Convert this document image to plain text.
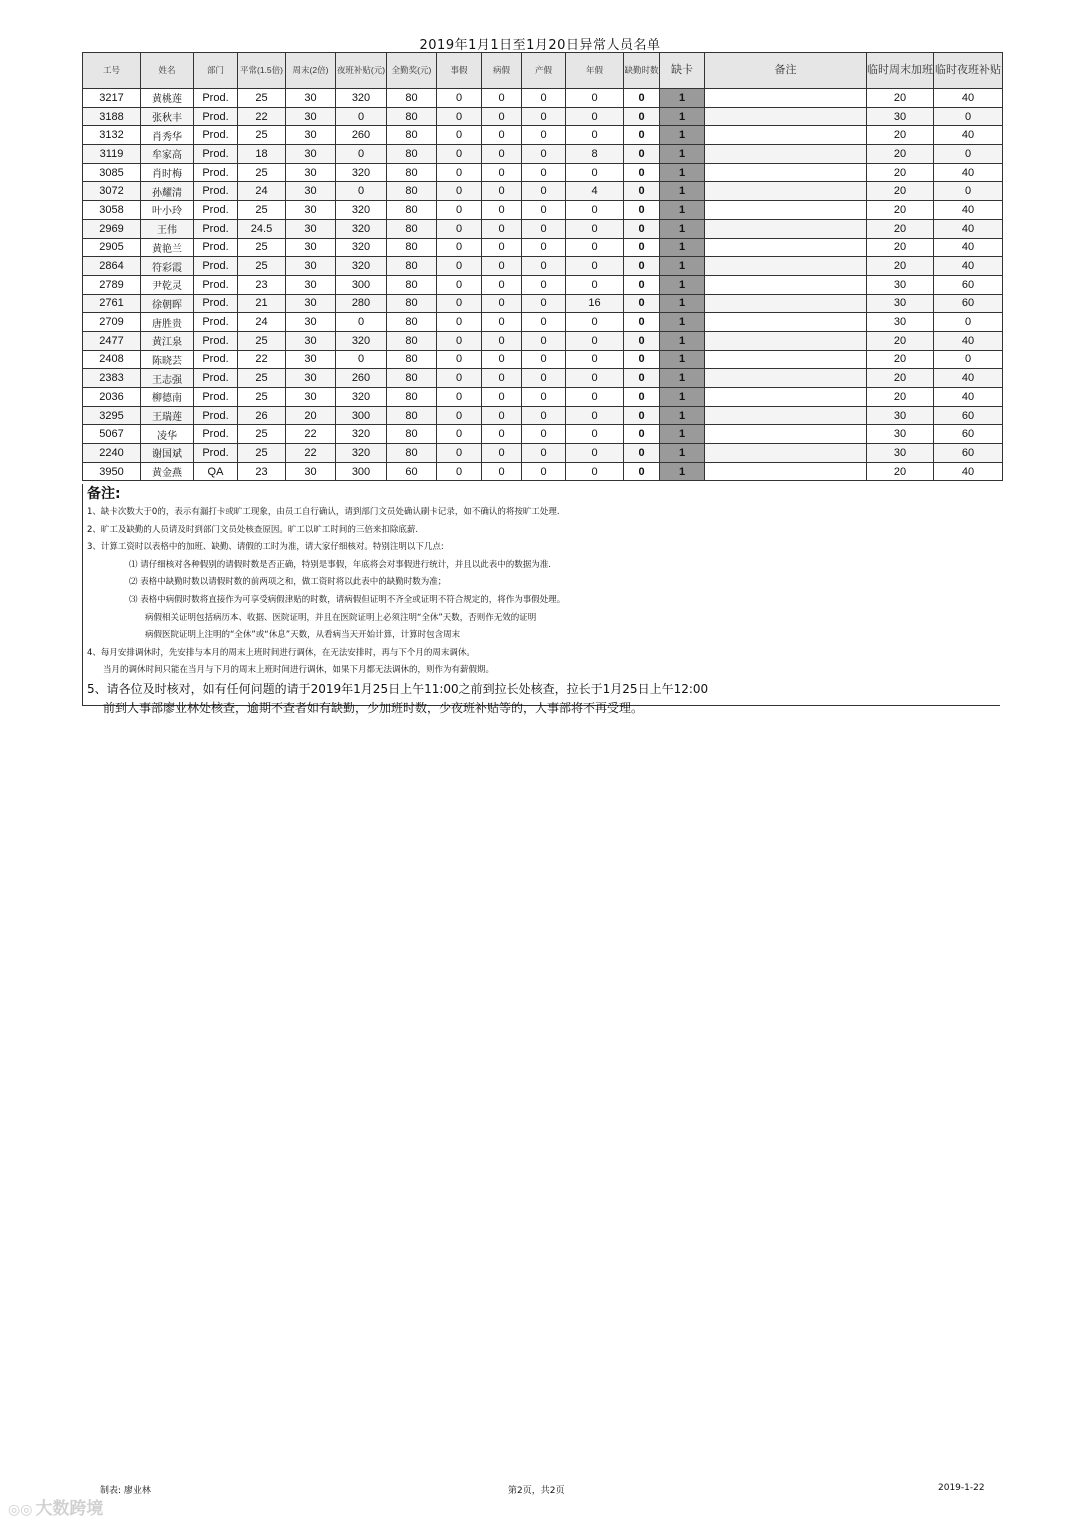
2019年1月1日至1月20日异常人员名单
工号	姓名	部门	平常(1.5倍)	周末(2倍)	夜班补贴(元)	全勤奖(元)	事假	病假	产假	年假	缺勤时数	缺卡	备注	临时周末加班	临时夜班补贴
3217	黄桃莲	Prod.	25	30	320	80	0	0	0	0	0	1		20	40
3188	张秋丰	Prod.	22	30	0	80	0	0	0	0	0	1		30	0
3132	肖秀华	Prod.	25	30	260	80	0	0	0	0	0	1		20	40
3119	牟家高	Prod.	18	30	0	80	0	0	0	8	0	1		20	0
3085	肖时梅	Prod.	25	30	320	80	0	0	0	0	0	1		20	40
3072	孙耀清	Prod.	24	30	0	80	0	0	0	4	0	1		20	0
3058	叶小玲	Prod.	25	30	320	80	0	0	0	0	0	1		20	40
2969	王伟	Prod.	24.5	30	320	80	0	0	0	0	0	1		20	40
2905	黄艳兰	Prod.	25	30	320	80	0	0	0	0	0	1		20	40
2864	符彩霞	Prod.	25	30	320	80	0	0	0	0	0	1		20	40
2789	尹乾灵	Prod.	23	30	300	80	0	0	0	0	0	1		30	60
2761	徐朝晖	Prod.	21	30	280	80	0	0	0	16	0	1		30	60
2709	唐胜贵	Prod.	24	30	0	80	0	0	0	0	0	1		30	0
2477	黄江泉	Prod.	25	30	320	80	0	0	0	0	0	1		20	40
2408	陈晓芸	Prod.	22	30	0	80	0	0	0	0	0	1		20	0
2383	王志强	Prod.	25	30	260	80	0	0	0	0	0	1		20	40
2036	柳德南	Prod.	25	30	320	80	0	0	0	0	0	1		20	40
3295	王瑞莲	Prod.	26	20	300	80	0	0	0	0	0	1		30	60
5067	凌华	Prod.	25	22	320	80	0	0	0	0	0	1		30	60
2240	谢国斌	Prod.	25	22	320	80	0	0	0	0	0	1		30	60
3950	黄金燕	QA	23	30	300	60	0	0	0	0	0	1		20	40
备注:
1、缺卡次数大于0的，表示有漏打卡或旷工现象，由员工自行确认，请到部门文员处确认刷卡记录，如不确认的将按旷工处理.
2、旷工及缺勤的人员请及时到部门文员处核查原因。旷工以旷工时间的三倍来扣除底薪.
3、计算工资时以表格中的加班、缺勤、请假的工时为准，请大家仔细核对。特别注明以下几点:
⑴ 请仔细核对各种假别的请假时数是否正确，特别是事假，年底将会对事假进行统计，并且以此表中的数据为准.
⑵ 表格中缺勤时数以请假时数的前两项之和，做工资时将以此表中的缺勤时数为准；
⑶ 表格中病假时数将直接作为可享受病假津贴的时数，请病假但证明不齐全或证明不符合规定的，将作为事假处理。
病假相关证明包括病历本、收据、医院证明，并且在医院证明上必须注明“全休”天数，否则作无效的证明
病假医院证明上注明的“全休”或“休息”天数，从看病当天开始计算，计算时包含周末
4、每月安排调休时，先安排与本月的周末上班时间进行调休，在无法安排时，再与下个月的周末调休。
当月的调休时间只能在当月与下月的周末上班时间进行调休，如果下月都无法调休的，则作为有薪假期。
5、请各位及时核对，如有任何问题的请于2019年1月25日上午11:00之前到拉长处核查，拉长于1月25日上午12:00
前到人事部廖业林处核查，逾期不查者如有缺勤，少加班时数，少夜班补贴等的，人事部将不再受理。
制表: 廖业林	第2页，共2页	2019-1-22
◎◎ 大数跨境
